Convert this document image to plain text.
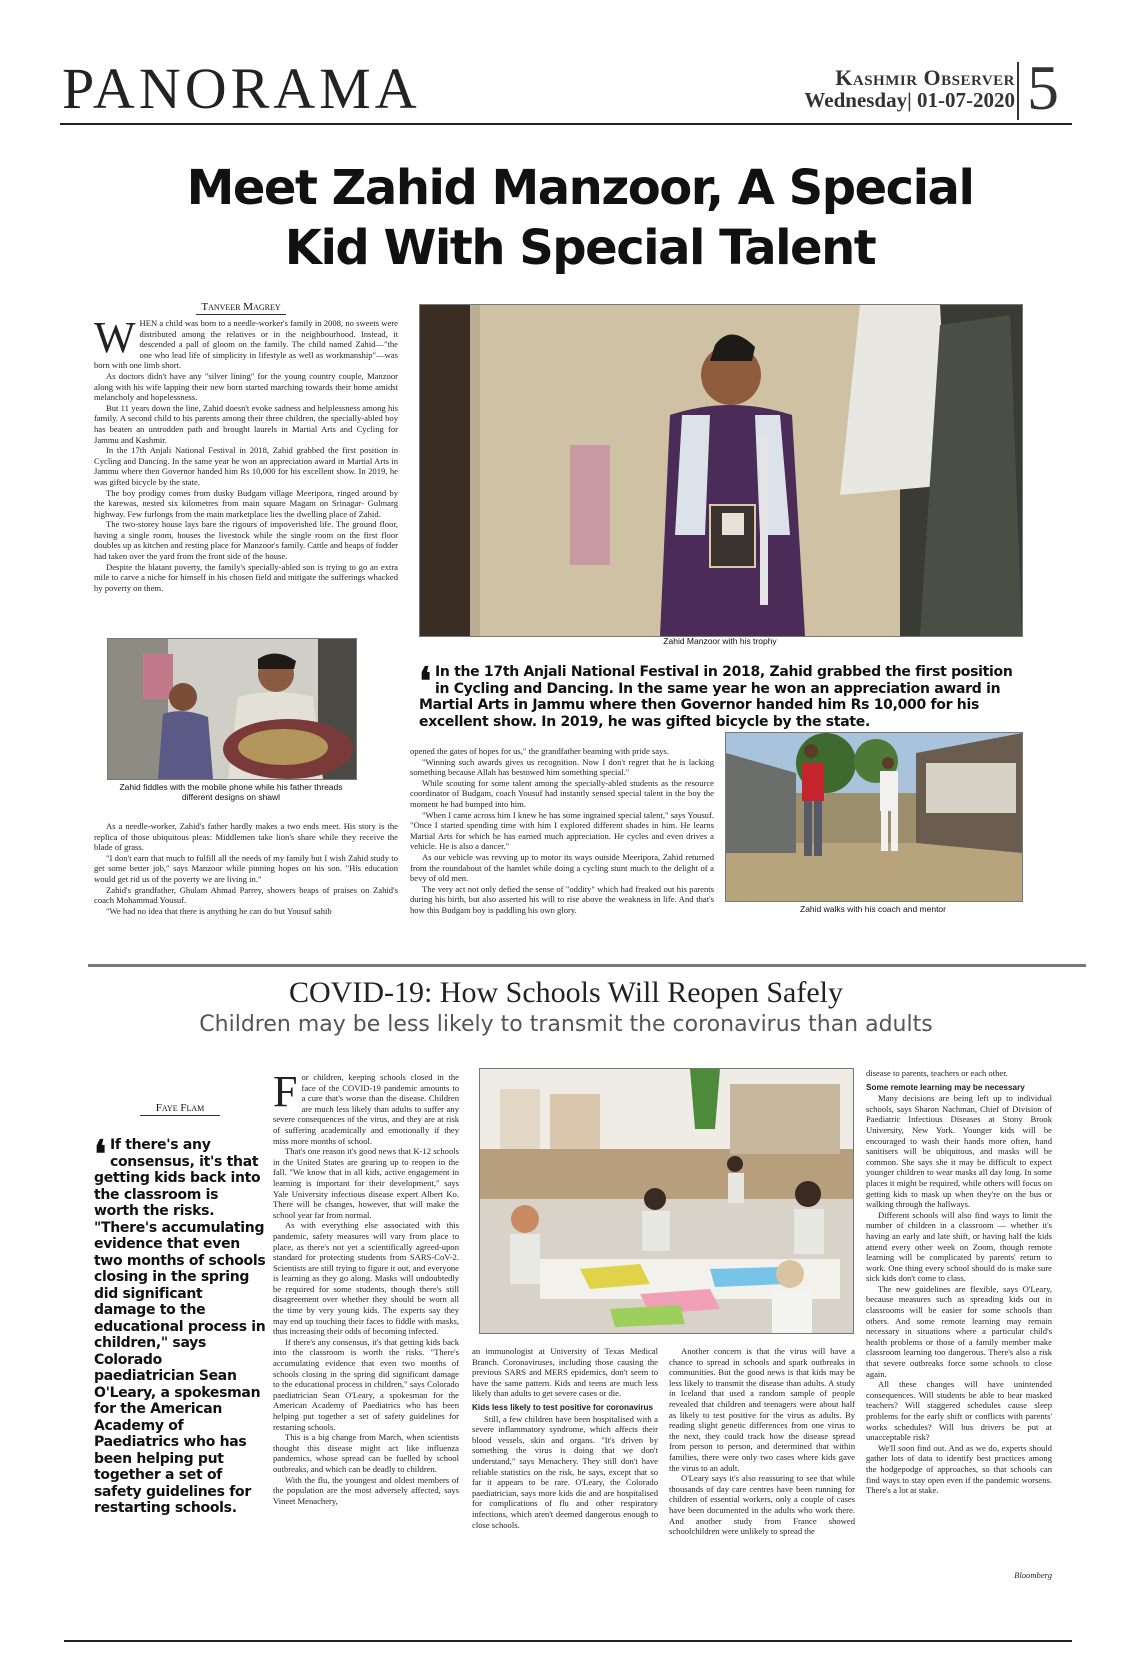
PANORAMA	Kashmir Observer
Wednesday| 01-07-2020 5
Meet Zahid Manzoor, A Special Kid With Special Talent
Tanveer Magrey
W HEN a child was born to a needle-worker's family in 2008, no sweets were distributed among the relatives or in the neighbourhood. Instead, it descended a pall of gloom on the family. The child named Zahid—"the one who lead life of simplicity in lifestyle as well as workmanship"—was born with one limb short.

As doctors didn't have any "silver lining" for the young country couple, Manzoor along with his wife lapping their new born started marching towards their home amidst melancholy and hopelessness.

But 11 years down the line, Zahid doesn't evoke sadness and helplessness among his family. A second child to his parents among their three children, the specially-abled boy has beaten an untrodden path and brought laurels in Martial Arts and Cycling for Jammu and Kashmir.

In the 17th Anjali National Festival in 2018, Zahid grabbed the first position in Cycling and Dancing. In the same year he won an appreciation award in Martial Arts in Jammu where then Governor handed him Rs 10,000 for his excellent show. In 2019, he was gifted bicycle by the state.

The boy prodigy comes from dusky Budgam village Meeripora, ringed around by the karewas, nested six kilometres from main square Magam on Srinagar- Gulmarg highway. Few furlongs from the main marketplace lies the dwelling place of Zahid.

The two-storey house lays bare the rigours of impoverished life. The ground floor, having a single room, houses the livestock while the single room on the first floor doubles up as kitchen and resting place for Manzoor's family. Cattle and heaps of fodder had taken over the yard from the front side of the house.

Despite the blatant poverty, the family's specially-abled son is trying to go an extra mile to carve a niche for himself in his chosen field and mitigate the sufferings whacked by poverty on them.

Zahid Manzoor with his trophy
Zahid fiddles with the mobile phone while his father threads different designs on shawl

As a needle-worker, Zahid's father hardly makes a two ends meet. His story is the replica of those ubiquitous pleas: Middlemen take lion's share while they receive the blade of grass.

"I don't earn that much to fulfill all the needs of my family but I wish Zahid study to get some better job," says Manzoor while pinning hopes on his son. "His education would get rid us of the poverty we are living in."

Zahid's grandfather, Ghulam Ahmad Parrey, showers heaps of praises on Zahid's coach Mohammad Yousuf.

"We had no idea that there is anything he can do but Yousuf sahib

❛ In the 17th Anjali National Festival in 2018, Zahid grabbed the first position in Cycling and Dancing. In the same year he won an appreciation award in Martial Arts in Jammu where then Governor handed him Rs 10,000 for his excellent show. In 2019, he was gifted bicycle by the state.

opened the gates of hopes for us," the grandfather beaming with pride says.

"Winning such awards gives us recognition. Now I don't regret that he is lacking something because Allah has bestowed him something special."

While scouting for some talent among the specially-abled students as the resource coordinator of Budgam, coach Yousuf had instantly sensed special talent in the boy the moment he had bumped into him.

"When I came across him I knew he has some ingrained special talent," says Yousuf. "Once I started spending time with him I explored different shades in him. He learns Martial Arts for which he has earned much appreciation. He cycles and even drives a vehicle. He is also a dancer."

As our vehicle was revving up to motor its ways outside Meeripora, Zahid returned from the roundabout of the hamlet while doing a cycling stunt much to the delight of a bevy of old men.

The very act not only defied the sense of "oddity" which had freaked out his parents during his birth, but also asserted his will to rise above the weakness in life. And that's how this Budgam boy is paddling his own glory.	Zahid walks with his coach and mentor
COVID-19: How Schools Will Reopen Safely
Children may be less likely to transmit the coronavirus than adults
Faye Flam
❛ If there's any consensus, it's that getting kids back into the classroom is worth the risks. "There's accumulating evidence that even two months of schools closing in the spring did significant damage to the educational process in children," says Colorado paediatrician Sean O'Leary, a spokesman for the American Academy of Paediatrics who has been helping put together a set of safety guidelines for restarting schools.
F or children, keeping schools closed in the face of the COVID-19 pandemic amounts to a cure that's worse than the disease. Children are much less likely than adults to suffer any severe consequences of the virus, and they are at risk of suffering academically and emotionally if they miss more months of school.

That's one reason it's good news that K-12 schools in the United States are gearing up to reopen in the fall. "We know that in all kids, active engagement in learning is important for their development," says Yale University infectious disease expert Albert Ko. There will be changes, however, that will make the school year far from normal.

As with everything else associated with this pandemic, safety measures will vary from place to place, as there's not yet a scientifically agreed-upon standard for protecting students from SARS-CoV-2. Scientists are still trying to figure it out, and everyone is learning as they go along. Masks will undoubtedly be required for some students, though there's still disagreement over whether they should be worn all the time by very young kids. The experts say they may end up touching their faces to fiddle with masks, thus increasing their odds of becoming infected.

If there's any consensus, it's that getting kids back into the classroom is worth the risks. "There's accumulating evidence that even two months of schools closing in the spring did significant damage to the educational process in children," says Colorado paediatrician Sean O'Leary, a spokesman for the American Academy of Paediatrics who has been helping put together a set of safety guidelines for restarting schools.

This is a big change from March, when scientists thought this disease might act like influenza pandemics, whose spread can be fuelled by school outbreaks, and which can be deadly to children.

With the flu, the youngest and oldest members of the population are the most adversely affected, says Vineet Menachery,

an immunologist at University of Texas Medical Branch. Coronaviruses, including those causing the previous SARS and MERS epidemics, don't seem to have the same pattern. Kids and teens are much less likely than adults to get severe cases or die.

Kids less likely to test positive for coronavirus

Still, a few children have been hospitalised with a severe inflammatory syndrome, which affects their blood vessels, skin and organs. "It's driven by something the virus is doing that we don't understand," says Menachery. They still don't have reliable statistics on the risk, he says, except that so far it appears to be rare. O'Leary, the Colorado paediatrician, says more kids die and are hospitalised for complications of flu and other respiratory infections, which aren't deemed dangerous enough to close schools.

Another concern is that the virus will have a chance to spread in schools and spark outbreaks in communities. But the good news is that kids may be less likely to transmit the disease than adults. A study in Iceland that used a random sample of people revealed that children and teenagers were about half as likely to test positive for the virus as adults. By reading slight genetic differences from one virus to the next, they could track how the disease spread from person to person, and determined that within families, there were only two cases where kids gave the virus to an adult.

O'Leary says it's also reassuring to see that while thousands of day care centres have been running for children of essential workers, only a couple of cases have been documented in the adults who work there. And another study from France showed schoolchildren were unlikely to spread the

disease to parents, teachers or each other.

Some remote learning may be necessary

Many decisions are being left up to individual schools, says Sharon Nachman, Chief of Division of Paediatric Infectious Diseases at Stony Brook University, New York. Younger kids will be encouraged to wash their hands more often, hand sanitisers will be ubiquitous, and masks will be common. She says she it may be difficult to expect younger children to wear masks all day long. In some places it might be required, while others will focus on getting kids to mask up when they're on the bus or walking through the hallways.

Different schools will also find ways to limit the number of children in a classroom — whether it's having an early and late shift, or having half the kids attend every other week on Zoom, though remote learning will be complicated by parents' return to work. One thing every school should do is make sure sick kids don't come to class.

The new guidelines are flexible, says O'Leary, because measures such as spreading kids out in classrooms will be easier for some schools than others. And some remote learning may remain necessary in situations where a particular child's health problems or those of a family member make classroom learning too dangerous. There's also a risk that severe outbreaks force some schools to close again.

All these changes will have unintended consequences. Will students be able to hear masked teachers? Will staggered schedules cause sleep problems for the early shift or conflicts with parents' works schedules? Will bus drivers be put at unacceptable risk?

We'll soon find out. And as we do, experts should gather lots of data to identify best practices among the hodgepodge of approaches, so that schools can find ways to stay open even if the pandemic worsens. There's a lot at stake.

Bloomberg
